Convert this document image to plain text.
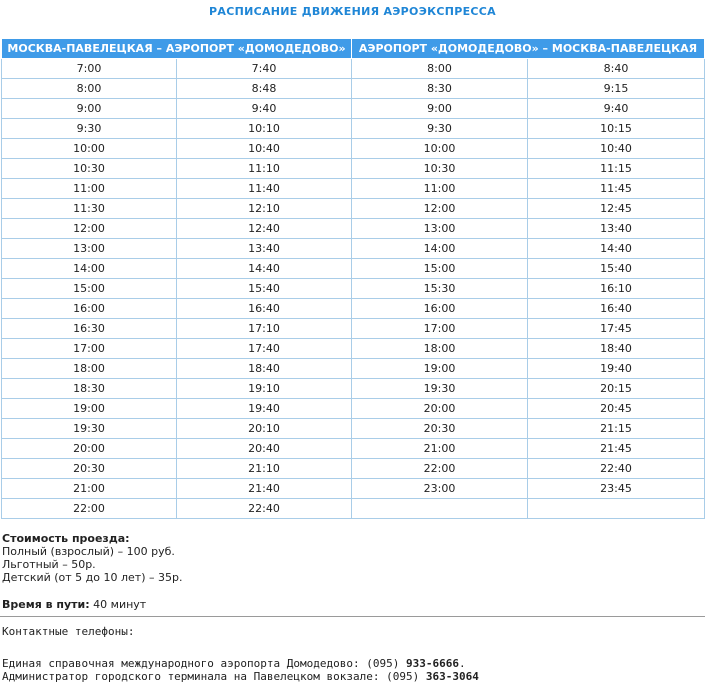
РАСПИСАНИЕ ДВИЖЕНИЯ АЭРОЭКСПРЕССА
МОСКВА-ПАВЕЛЕЦКАЯ – АЭРОПОРТ «ДОМОДЕДОВО»		АЭРОПОРТ «ДОМОДЕДОВО» – МОСКВА-ПАВЕЛЕЦКАЯ	
7:00	7:40	8:00	8:40
8:00	8:48	8:30	9:15
9:00	9:40	9:00	9:40
9:30	10:10	9:30	10:15
10:00	10:40	10:00	10:40
10:30	11:10	10:30	11:15
11:00	11:40	11:00	11:45
11:30	12:10	12:00	12:45
12:00	12:40	13:00	13:40
13:00	13:40	14:00	14:40
14:00	14:40	15:00	15:40
15:00	15:40	15:30	16:10
16:00	16:40	16:00	16:40
16:30	17:10	17:00	17:45
17:00	17:40	18:00	18:40
18:00	18:40	19:00	19:40
18:30	19:10	19:30	20:15
19:00	19:40	20:00	20:45
19:30	20:10	20:30	21:15
20:00	20:40	21:00	21:45
20:30	21:10	22:00	22:40
21:00	21:40	23:00	23:45
22:00	22:40		
Стоимость проезда:
Полный (взрослый) – 100 руб.
Льготный – 50р.
Детский (от 5 до 10 лет) – 35р.
Время в пути: 40 минут
Контактные телефоны:
Единая справочная международного аэропорта Домодедово: (095) 933-6666.
Администратор городского терминала на Павелецком вокзале: (095) 363-3064
